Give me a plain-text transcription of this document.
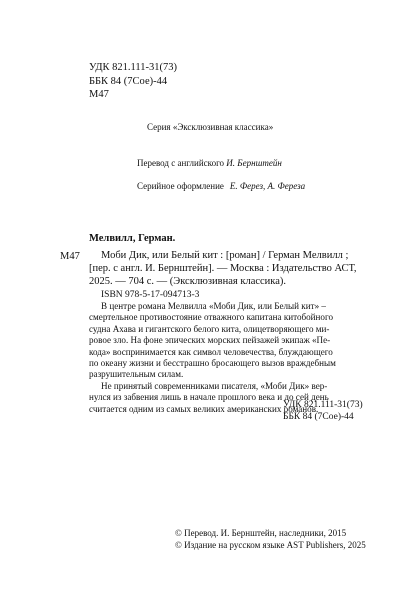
УДК 821.111-31(73)
ББК 84 (7Сое)-44
М47
Серия «Эксклюзивная классика»
Перевод с английского И. Бернштейн
Серийное оформление Е. Ферез, А. Фереза
Мелвилл, Герман.
М47	Моби Дик, или Белый кит : [роман] / Герман Мелвилл ;
[пер. с англ. И. Бернштейн]. — Москва : Издательство АСТ,
2025. — 704 с. — (Эксклюзивная классика).
ISBN 978-5-17-094713-3
В центре романа Мелвилла «Моби Дик, или Белый кит» –
смертельное противостояние отважного капитана китобойного
судна Ахава и гигантского белого кита, олицетворяющего ми-
ровое зло. На фоне эпических морских пейзажей экипаж «Пе-
кода» воспринимается как символ человечества, блуждающего
по океану жизни и бесстрашно бросающего вызов враждебным
разрушительным силам.
Не принятый современниками писателя, «Моби Дик» вер-
нулся из забвения лишь в начале прошлого века и до сей день
считается одним из самых великих американских романов.
УДК 821.111-31(73)
ББК 84 (7Сое)-44
© Перевод. И. Бернштейн, наследники, 2015
© Издание на русском языке AST Publishers, 2025
